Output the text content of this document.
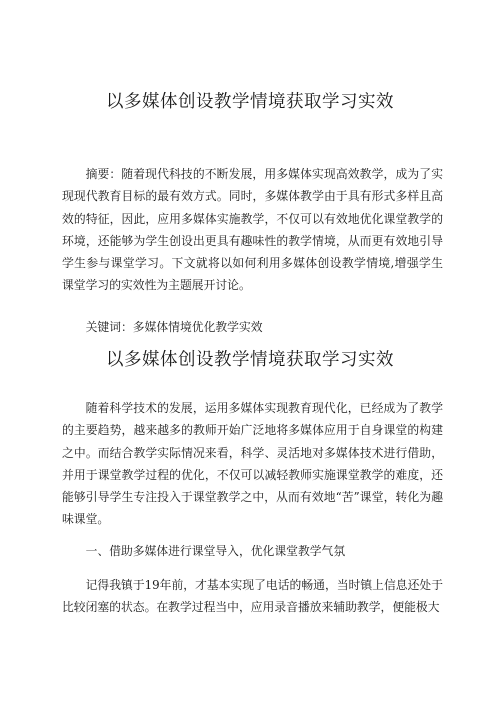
以多媒体创设教学情境获取学习实效

摘要：随着现代科技的不断发展，用多媒体实现高效教学，成为了实现现代教育目标的最有效方式。同时，多媒体教学由于具有形式多样且高效的特征，因此，应用多媒体实施教学，不仅可以有效地优化课堂教学的环境，还能够为学生创设出更具有趣味性的教学情境，从而更有效地引导学生参与课堂学习。下文就将以如何利用多媒体创设教学情境,增强学生课堂学习的实效性为主题展开讨论。

关键词：多媒体情境优化教学实效

以多媒体创设教学情境获取学习实效

随着科学技术的发展，运用多媒体实现教育现代化，已经成为了教学的主要趋势，越来越多的教师开始广泛地将多媒体应用于自身课堂的构建之中。而结合教学实际情况来看，科学、灵活地对多媒体技术进行借助，并用于课堂教学过程的优化，不仅可以减轻教师实施课堂教学的难度，还能够引导学生专注投入于课堂教学之中，从而有效地“苦”课堂，转化为趣味课堂。

一、借助多媒体进行课堂导入，优化课堂教学气氛

记得我镇于19年前，才基本实现了电话的畅通，当时镇上信息还处于比较闭塞的状态。在教学过程当中，应用录音播放来辅助教学，便能极大
